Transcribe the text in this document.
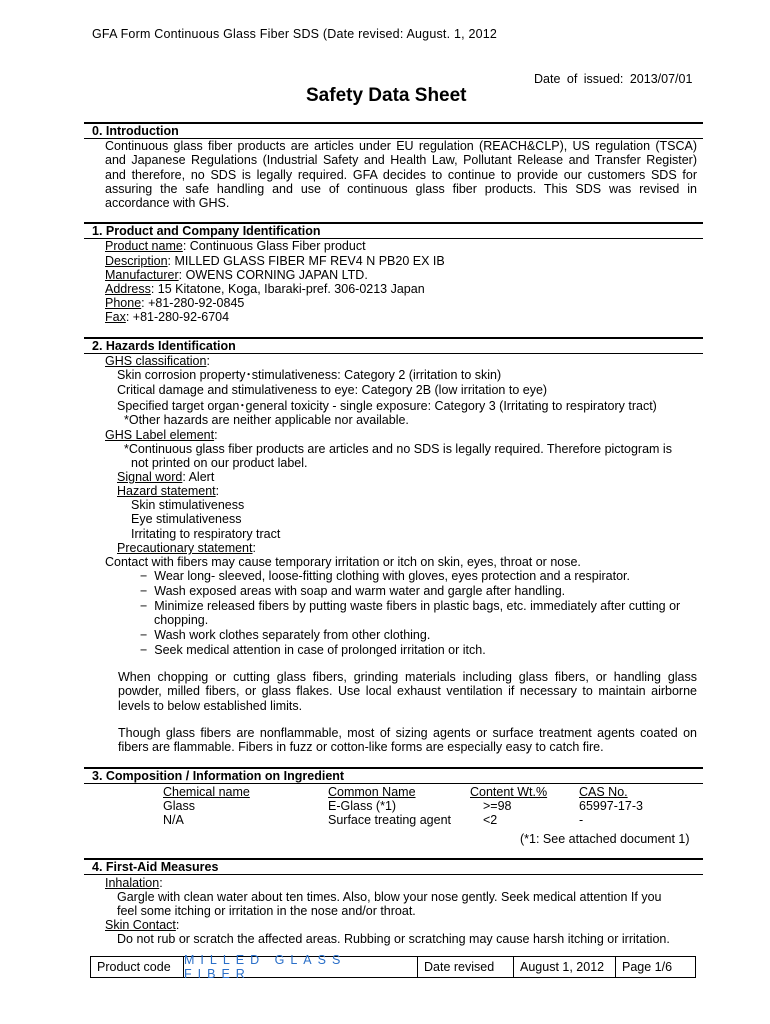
GFA Form Continuous Glass Fiber SDS (Date revised: August. 1, 2012
Date of issued: 2013/07/01
Safety Data Sheet
0. Introduction
Continuous glass fiber products are articles under EU regulation (REACH&CLP), US regulation (TSCA) and Japanese Regulations (Industrial Safety and Health Law, Pollutant Release and Transfer Register) and therefore, no SDS is legally required. GFA decides to continue to provide our customers SDS for assuring the safe handling and use of continuous glass fiber products. This SDS was revised in accordance with GHS.
1. Product and Company Identification
Product name: Continuous Glass Fiber product
Description: MILLED GLASS FIBER MF REV4 N PB20 EX IB
Manufacturer: OWENS CORNING JAPAN LTD.
Address: 15 Kitatone, Koga, Ibaraki-pref. 306-0213 Japan
Phone: +81-280-92-0845
Fax: +81-280-92-6704
2. Hazards Identification
GHS classification:
Skin corrosion property･stimulativeness: Category 2 (irritation to skin)
Critical damage and stimulativeness to eye: Category 2B (low irritation to eye)
Specified target organ･general toxicity - single exposure: Category 3 (Irritating to respiratory tract)
*Other hazards are neither applicable nor available.
GHS Label element:
*Continuous glass fiber products are articles and no SDS is legally required. Therefore pictogram is
not printed on our product label.
Signal word: Alert
Hazard statement:
Skin stimulativeness
Eye stimulativeness
Irritating to respiratory tract
Precautionary statement:
Contact with fibers may cause temporary irritation or itch on skin, eyes, throat or nose.
− Wear long- sleeved, loose-fitting clothing with gloves, eyes protection and a respirator.
− Wash exposed areas with soap and warm water and gargle after handling.
− Minimize released fibers by putting waste fibers in plastic bags, etc. immediately after cutting or
chopping.
− Wash work clothes separately from other clothing.
− Seek medical attention in case of prolonged irritation or itch.
When chopping or cutting glass fibers, grinding materials including glass fibers, or handling glass powder, milled fibers, or glass flakes. Use local exhaust ventilation if necessary to maintain airborne levels to below established limits.
Though glass fibers are nonflammable, most of sizing agents or surface treatment agents coated on fibers are flammable. Fibers in fuzz or cotton-like forms are especially easy to catch fire.
3. Composition / Information on Ingredient
Chemical name	Common Name	Content Wt.%	CAS No.
Glass	E-Glass (*1)	>=98	65997-17-3
N/A	Surface treating agent	<2	-
(*1: See attached document 1)
4. First-Aid Measures
Inhalation:
Gargle with clean water about ten times. Also, blow your nose gently. Seek medical attention If you
feel some itching or irritation in the nose and/or throat.
Skin Contact:
Do not rub or scratch the affected areas. Rubbing or scratching may cause harsh itching or irritation.
Product code	MILLED GLASS FIBER	Date revised	August 1, 2012	Page 1/6
